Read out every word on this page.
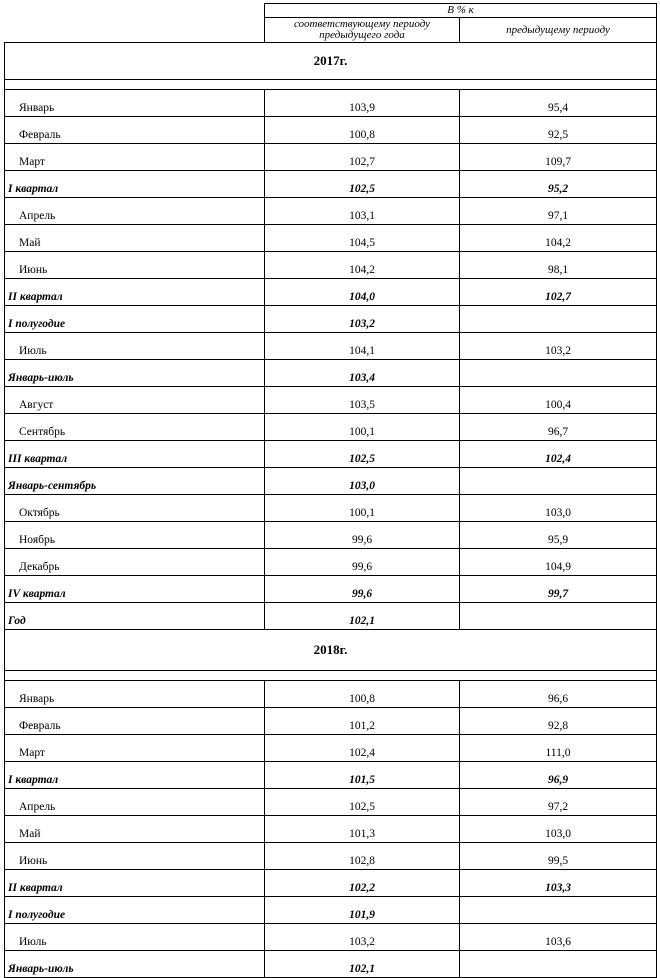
	В % к	
	соответствующему периоду предыдущего года	предыдущему периоду
2017г.		

Январь	103,9	95,4
Февраль	100,8	92,5
Март	102,7	109,7
I квартал	102,5	95,2
Апрель	103,1	97,1
Май	104,5	104,2
Июнь	104,2	98,1
II квартал	104,0	102,7
I полугодие	103,2	
Июль	104,1	103,2
Январь-июль	103,4	
Август	103,5	100,4
Сентябрь	100,1	96,7
III квартал	102,5	102,4
Январь-сентябрь	103,0	
Октябрь	100,1	103,0
Ноябрь	99,6	95,9
Декабрь	99,6	104,9
IV квартал	99,6	99,7
Год	102,1	
2018г.		

Январь	100,8	96,6
Февраль	101,2	92,8
Март	102,4	111,0
I квартал	101,5	96,9
Апрель	102,5	97,2
Май	101,3	103,0
Июнь	102,8	99,5
II квартал	102,2	103,3
I полугодие	101,9	
Июль	103,2	103,6
Январь-июль	102,1	
